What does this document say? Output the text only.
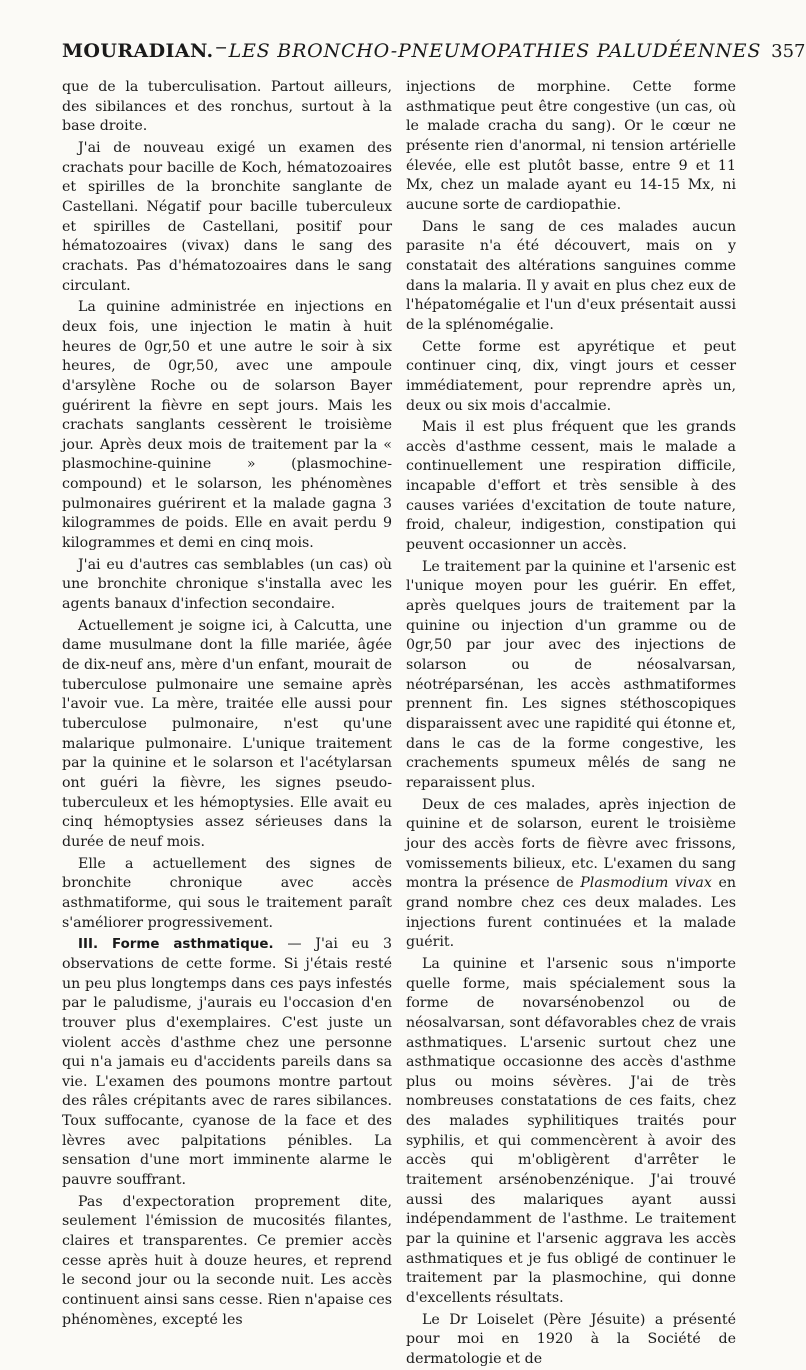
MOURADIAN. — LES BRONCHO-PNEUMOPATHIES PALUDÉENNES 357

que de la tuberculisation. Partout ailleurs, des sibilances et des ronchus, surtout à la base droite.

J'ai de nouveau exigé un examen des crachats pour bacille de Koch, hématozoaires et spirilles de la bronchite sanglante de Castellani. Négatif pour bacille tuberculeux et spirilles de Castellani, positif pour hématozoaires (vivax) dans le sang des crachats. Pas d'hématozoaires dans le sang circulant.

La quinine administrée en injections en deux fois, une injection le matin à huit heures de 0gr,50 et une autre le soir à six heures, de 0gr,50, avec une ampoule d'arsylène Roche ou de solarson Bayer guérirent la fièvre en sept jours. Mais les crachats sanglants cessèrent le troisième jour. Après deux mois de traitement par la « plasmochine-quinine » (plasmochine-compound) et le solarson, les phénomènes pulmonaires guérirent et la malade gagna 3 kilogrammes de poids. Elle en avait perdu 9 kilogrammes et demi en cinq mois.

J'ai eu d'autres cas semblables (un cas) où une bronchite chronique s'installa avec les agents banaux d'infection secondaire.

Actuellement je soigne ici, à Calcutta, une dame musulmane dont la fille mariée, âgée de dix-neuf ans, mère d'un enfant, mourait de tuberculose pulmonaire une semaine après l'avoir vue. La mère, traitée elle aussi pour tuberculose pulmonaire, n'est qu'une malarique pulmonaire. L'unique traitement par la quinine et le solarson et l'acétylarsan ont guéri la fièvre, les signes pseudo-tuberculeux et les hémoptysies. Elle avait eu cinq hémoptysies assez sérieuses dans la durée de neuf mois.

Elle a actuellement des signes de bronchite chronique avec accès asthmatiforme, qui sous le traitement paraît s'améliorer progressivement.

III. Forme asthmatique. — J'ai eu 3 observations de cette forme. Si j'étais resté un peu plus longtemps dans ces pays infestés par le paludisme, j'aurais eu l'occasion d'en trouver plus d'exemplaires. C'est juste un violent accès d'asthme chez une personne qui n'a jamais eu d'accidents pareils dans sa vie. L'examen des poumons montre partout des râles crépitants avec de rares sibilances. Toux suffocante, cyanose de la face et des lèvres avec palpitations pénibles. La sensation d'une mort imminente alarme le pauvre souffrant.

Pas d'expectoration proprement dite, seulement l'émission de mucosités filantes, claires et transparentes. Ce premier accès cesse après huit à douze heures, et reprend le second jour ou la seconde nuit. Les accès continuent ainsi sans cesse. Rien n'apaise ces phénomènes, excepté les

injections de morphine. Cette forme asthmatique peut être congestive (un cas, où le malade cracha du sang). Or le cœur ne présente rien d'anormal, ni tension artérielle élevée, elle est plutôt basse, entre 9 et 11 Mx, chez un malade ayant eu 14-15 Mx, ni aucune sorte de cardiopathie.

Dans le sang de ces malades aucun parasite n'a été découvert, mais on y constatait des altérations sanguines comme dans la malaria. Il y avait en plus chez eux de l'hépatomégalie et l'un d'eux présentait aussi de la splénomégalie.

Cette forme est apyrétique et peut continuer cinq, dix, vingt jours et cesser immédiatement, pour reprendre après un, deux ou six mois d'accalmie.

Mais il est plus fréquent que les grands accès d'asthme cessent, mais le malade a continuellement une respiration difficile, incapable d'effort et très sensible à des causes variées d'excitation de toute nature, froid, chaleur, indigestion, constipation qui peuvent occasionner un accès.

Le traitement par la quinine et l'arsenic est l'unique moyen pour les guérir. En effet, après quelques jours de traitement par la quinine ou injection d'un gramme ou de 0gr,50 par jour avec des injections de solarson ou de néosalvarsan, néotréparsénan, les accès asthmatiformes prennent fin. Les signes stéthoscopiques disparaissent avec une rapidité qui étonne et, dans le cas de la forme congestive, les crachements spumeux mêlés de sang ne reparaissent plus.

Deux de ces malades, après injection de quinine et de solarson, eurent le troisième jour des accès forts de fièvre avec frissons, vomissements bilieux, etc. L'examen du sang montra la présence de Plasmodium vivax en grand nombre chez ces deux malades. Les injections furent continuées et la malade guérit.

La quinine et l'arsenic sous n'importe quelle forme, mais spécialement sous la forme de novarsénobenzol ou de néosalvarsan, sont défavorables chez de vrais asthmatiques. L'arsenic surtout chez une asthmatique occasionne des accès d'asthme plus ou moins sévères. J'ai de très nombreuses constatations de ces faits, chez des malades syphilitiques traités pour syphilis, et qui commencèrent à avoir des accès qui m'obligèrent d'arrêter le traitement arsénobenzénique. J'ai trouvé aussi des malariques ayant aussi indépendamment de l'asthme. Le traitement par la quinine et l'arsenic aggrava les accès asthmatiques et je fus obligé de continuer le traitement par la plasmochine, qui donne d'excellents résultats.

Le Dr Loiselet (Père Jésuite) a présenté pour moi en 1920 à la Société de dermatologie et de
